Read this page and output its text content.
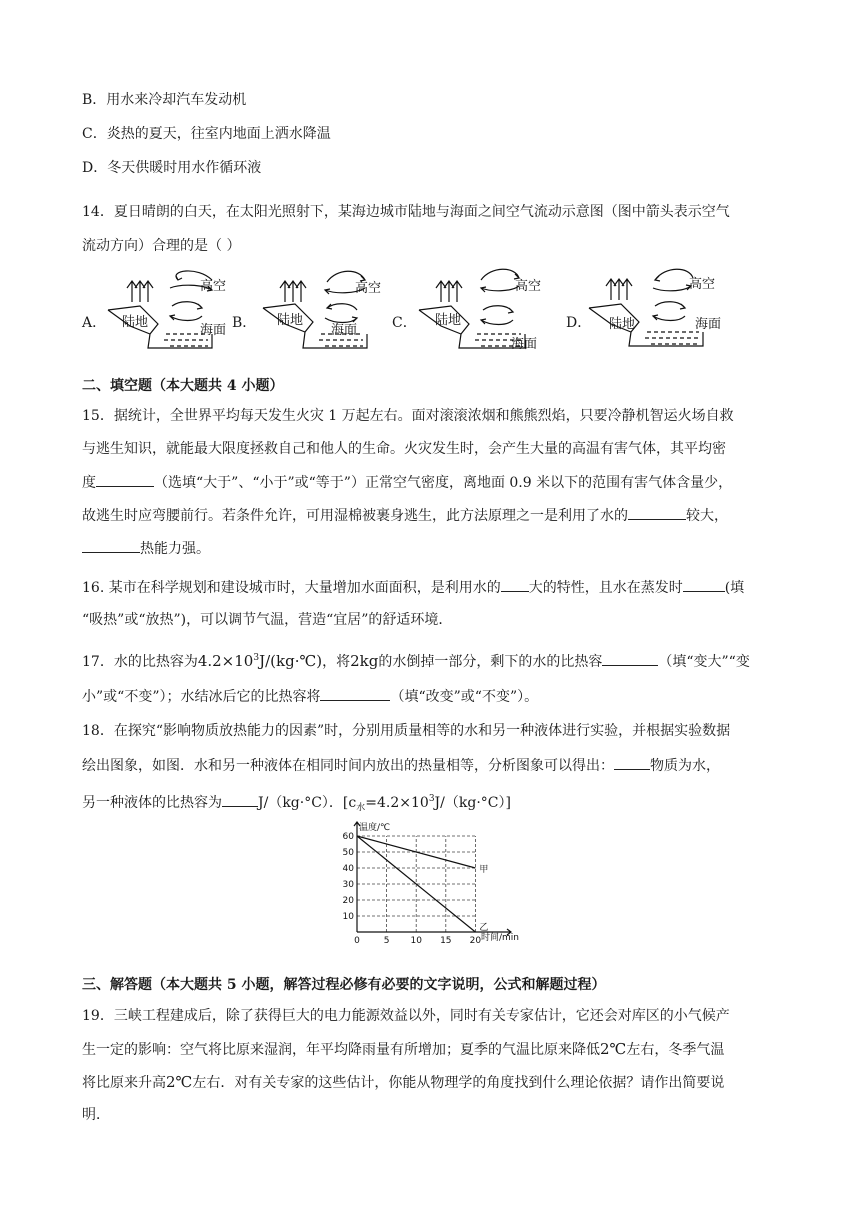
B．用水来冷却汽车发动机
C．炎热的夏天，往室内地面上洒水降温
D．冬天供暖时用水作循环液
14．夏日晴朗的白天，在太阳光照射下，某海边城市陆地与海面之间空气流动示意图（图中箭头表示空气
流动方向）合理的是（ ）
A．	B．	C．	D．
陆地
高空
海面
陆地
高空
海面
陆地
高空
海面
陆地
高空
海面
二、填空题（本大题共 4 小题）
15．据统计，全世界平均每天发生火灾 1 万起左右。面对滚滚浓烟和熊熊烈焰，只要冷静机智运火场自救
与逃生知识，就能最大限度拯救自己和他人的生命。火灾发生时，会产生大量的高温有害气体，其平均密
度	（选填“大于”、“小于”或“等于”）正常空气密度，离地面 0.9 米以下的范围有害气体含量少，
故逃生时应弯腰前行。若条件允许，可用湿棉被裹身逃生，此方法原理之一是利用了水的	较大，
热能力强。
16. 某市在科学规划和建设城市时，大量增加水面面积，是利用水的 大的特性，且水在蒸发时	(填
“吸热”或“放热”)，可以调节气温，营造“宜居”的舒适环境．
17．水的比热容为$4.2\times 10^3J/(kg\cdot℃)$，将2kg的水倒掉一部分，剩下的水的比热容	（填“变大”“变
小”或“不变”）；水结冰后它的比热容将	（填“改变”或“不变”）。
18．在探究“影响物质放热能力的因素”时，分别用质量相等的水和另一种液体进行实验，并根据实验数据
绘出图象，如图．水和另一种液体在相同时间内放出的热量相等，分析图象可以得出：	物质为水，
另一种液体的比热容为	J/（kg·°C）．$[c_水=4.2\times 10^3J/(kg\cdot^\circ C)]$
10
20
30
40
50
60
0	5 10 15 20
甲
乙
温度/℃
时间/min
三、解答题（本大题共 5 小题，解答过程必修有必要的文字说明，公式和解题过程）
19．三峡工程建成后，除了获得巨大的电力能源效益以外，同时有关专家估计，它还会对库区的小气候产
生一定的影响：空气将比原来湿润，年平均降雨量有所增加；夏季的气温比原来降低2℃左右，冬季气温
将比原来升高2℃左右．对有关专家的这些估计，你能从物理学的角度找到什么理论依据？请作出简要说
明．
